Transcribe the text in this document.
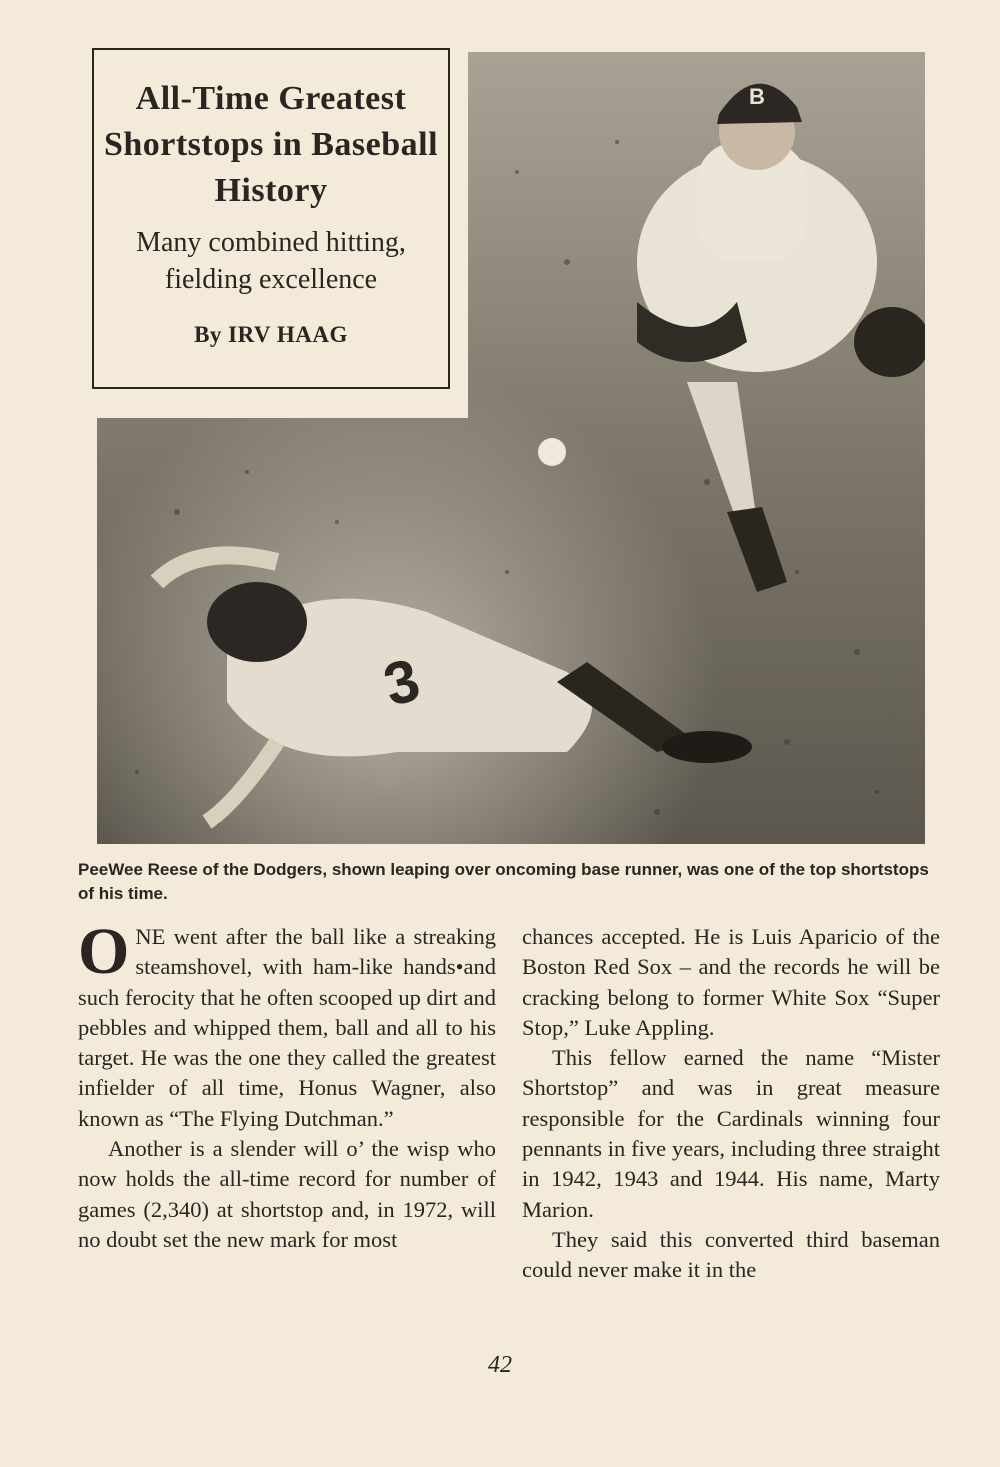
B
3
All-Time Greatest Shortstops in Baseball History
Many combined hitting, fielding excellence
By IRV HAAG
PeeWee Reese of the Dodgers, shown leaping over oncoming base runner, was one of the top shortstops of his time.

ONE went after the ball like a streaking steamshovel, with ham-like hands•and such ferocity that he often scooped up dirt and pebbles and whipped them, ball and all to his target. He was the one they called the greatest infielder of all time, Honus Wagner, also known as “The Flying Dutchman.”

Another is a slender will o’ the wisp who now holds the all-time record for number of games (2,340) at shortstop and, in 1972, will no doubt set the new mark for most

chances accepted. He is Luis Aparicio of the Boston Red Sox – and the records he will be cracking belong to former White Sox “Super Stop,” Luke Appling.

This fellow earned the name “Mister Shortstop” and was in great measure responsible for the Cardinals winning four pennants in five years, including three straight in 1942, 1943 and 1944. His name, Marty Marion.

They said this converted third baseman could never make it in the

42
